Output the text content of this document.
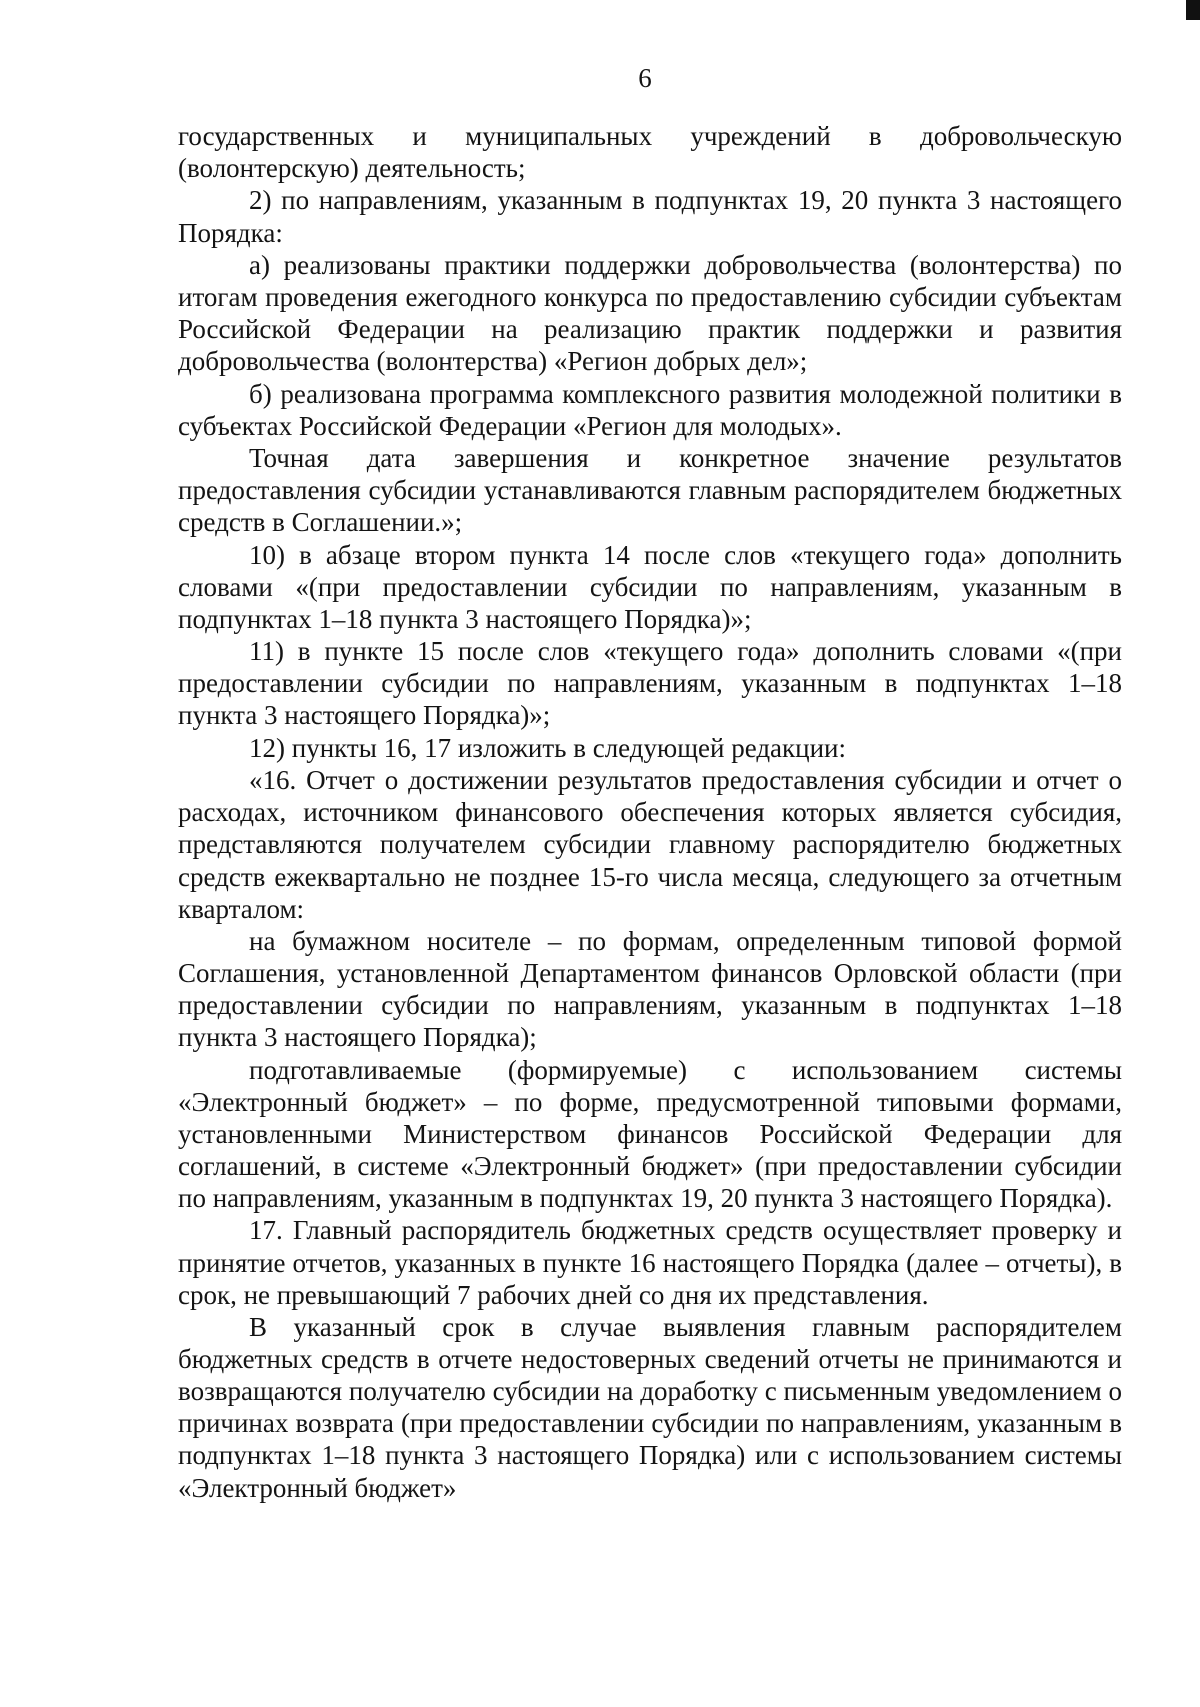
6

государственных и муниципальных учреждений в добровольческую (волонтерскую) деятельность;

2) по направлениям, указанным в подпунктах 19, 20 пункта 3 настоящего Порядка:

а) реализованы практики поддержки добровольчества (волонтерства) по итогам проведения ежегодного конкурса по предоставлению субсидии субъектам Российской Федерации на реализацию практик поддержки и развития добровольчества (волонтерства) «Регион добрых дел»;

б) реализована программа комплексного развития молодежной политики в субъектах Российской Федерации «Регион для молодых».

Точная дата завершения и конкретное значение результатов предоставления субсидии устанавливаются главным распорядителем бюджетных средств в Соглашении.»;

10) в абзаце втором пункта 14 после слов «текущего года» дополнить словами «(при предоставлении субсидии по направлениям, указанным в подпунктах 1–18 пункта 3 настоящего Порядка)»;

11) в пункте 15 после слов «текущего года» дополнить словами «(при предоставлении субсидии по направлениям, указанным в подпунктах 1–18 пункта 3 настоящего Порядка)»;

12) пункты 16, 17 изложить в следующей редакции:

«16. Отчет о достижении результатов предоставления субсидии и отчет о расходах, источником финансового обеспечения которых является субсидия, представляются получателем субсидии главному распорядителю бюджетных средств ежеквартально не позднее 15-го числа месяца, следующего за отчетным кварталом:

на бумажном носителе – по формам, определенным типовой формой Соглашения, установленной Департаментом финансов Орловской области (при предоставлении субсидии по направлениям, указанным в подпунктах 1–18 пункта 3 настоящего Порядка);

подготавливаемые (формируемые) с использованием системы «Электронный бюджет» – по форме, предусмотренной типовыми формами, установленными Министерством финансов Российской Федерации для соглашений, в системе «Электронный бюджет» (при предоставлении субсидии по направлениям, указанным в подпунктах 19, 20 пункта 3 настоящего Порядка).

17. Главный распорядитель бюджетных средств осуществляет проверку и принятие отчетов, указанных в пункте 16 настоящего Порядка (далее – отчеты), в срок, не превышающий 7 рабочих дней со дня их представления.

В указанный срок в случае выявления главным распорядителем бюджетных средств в отчете недостоверных сведений отчеты не принимаются и возвращаются получателю субсидии на доработку с письменным уведомлением о причинах возврата (при предоставлении субсидии по направлениям, указанным в подпунктах 1–18 пункта 3 настоящего Порядка) или с использованием системы «Электронный бюджет»
